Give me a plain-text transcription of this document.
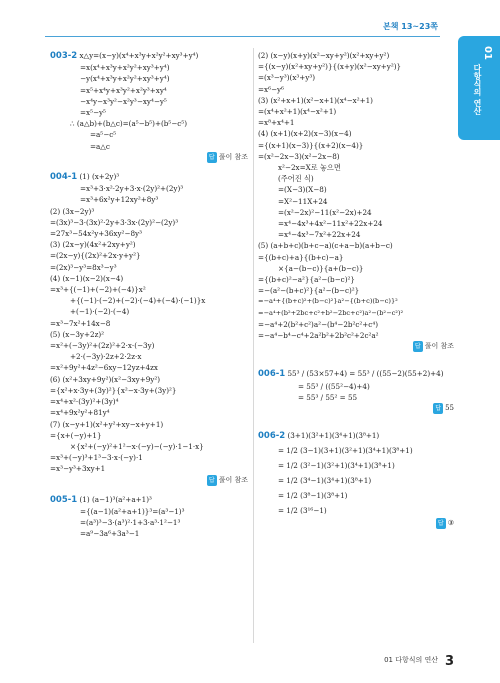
본책 13~23쪽
01
다항식의 연산
003-2 x△y=(x−y)(x⁴+x³y+x²y²+xy³+y⁴)
=x(x⁴+x³y+x²y²+xy³+y⁴)
−y(x⁴+x³y+x²y²+xy³+y⁴)
=x⁵+x⁴y+x³y²+x²y³+xy⁴
−x⁴y−x³y²−x²y³−xy⁴−y⁵
=x⁵−y⁵
∴ (a△b)+(b△c)=(a⁵−b⁵)+(b⁵−c⁵)
=a⁵−c⁵
=a△c
답 풀이 참조
004-1 (1) (x+2y)³
=x³+3·x²·2y+3·x·(2y)²+(2y)³
=x³+6x²y+12xy²+8y³
(2) (3x−2y)³
=(3x)³−3·(3x)²·2y+3·3x·(2y)²−(2y)³
=27x³−54x²y+36xy²−8y³
(3) (2x−y)(4x²+2xy+y²)
=(2x−y){(2x)²+2x·y+y²}
=(2x)³−y³=8x³−y³
(4) (x−1)(x−2)(x−4)
=x³+{(−1)+(−2)+(−4)}x²
+{(−1)·(−2)+(−2)·(−4)+(−4)·(−1)}x
+(−1)·(−2)·(−4)
=x³−7x²+14x−8
(5) (x−3y+2z)²
=x²+(−3y)²+(2z)²+2·x·(−3y)
+2·(−3y)·2z+2·2z·x
=x²+9y²+4z²−6xy−12yz+4zx
(6) (x²+3xy+9y²)(x²−3xy+9y²)
={x²+x·3y+(3y)²}{x²−x·3y+(3y)²}
=x⁴+x²·(3y)²+(3y)⁴
=x⁴+9x²y²+81y⁴
(7) (x−y+1)(x²+y²+xy−x+y+1)
={x+(−y)+1}
×{x²+(−y)²+1²−x·(−y)−(−y)·1−1·x}
=x³+(−y)³+1³−3·x·(−y)·1
=x³−y³+3xy+1
답 풀이 참조
005-1 (1) (a−1)³(a²+a+1)³
={(a−1)(a²+a+1)}³=(a³−1)³
=(a³)³−3·(a³)²·1+3·a³·1²−1³
=a⁹−3a⁶+3a³−1
(2) (x−y)(x+y)(x²−xy+y²)(x²+xy+y²)
={(x−y)(x²+xy+y²)}{(x+y)(x²−xy+y²)}
=(x³−y³)(x³+y³)
=x⁶−y⁶
(3) (x²+x+1)(x²−x+1)(x⁴−x²+1)
=(x⁴+x²+1)(x⁴−x²+1)
=x⁸+x⁴+1
(4) (x+1)(x+2)(x−3)(x−4)
={(x+1)(x−3)}{(x+2)(x−4)}
=(x²−2x−3)(x²−2x−8)
x²−2x=X로 놓으면
(주어진 식)
=(X−3)(X−8)
=X²−11X+24
=(x²−2x)²−11(x²−2x)+24
=x⁴−4x³+4x²−11x²+22x+24
=x⁴−4x³−7x²+22x+24
(5) (a+b+c)(b+c−a)(c+a−b)(a+b−c)
={(b+c)+a}{(b+c)−a}
×{a−(b−c)}{a+(b−c)}
={(b+c)²−a²}{a²−(b−c)²}
=−(a²−(b+c)²}{a²−(b−c)²}
=−a⁴+{(b+c)²+(b−c)²}a²−{(b+c)(b−c)}²
=−a⁴+(b²+2bc+c²+b²−2bc+c²)a²−(b²−c²)²
=−a⁴+2(b²+c²)a²−(b⁴−2b²c²+c⁴)
=−a⁴−b⁴−c⁴+2a²b²+2b²c²+2c²a²
답 풀이 참조
006-1 55³ / (53×57+4) = 55³ / ((55−2)(55+2)+4)
= 55³ / ((55²−4)+4)
= 55³ / 55² = 55
답 55
006-2 (3+1)(3²+1)(3⁴+1)(3⁸+1)
= 1/2 (3−1)(3+1)(3²+1)(3⁴+1)(3⁸+1)
= 1/2 (3²−1)(3²+1)(3⁴+1)(3⁸+1)
= 1/2 (3⁴−1)(3⁴+1)(3⁸+1)
= 1/2 (3⁸−1)(3⁸+1)
= 1/2 (3¹⁶−1)
답 ③
01 다항식의 연산 3
